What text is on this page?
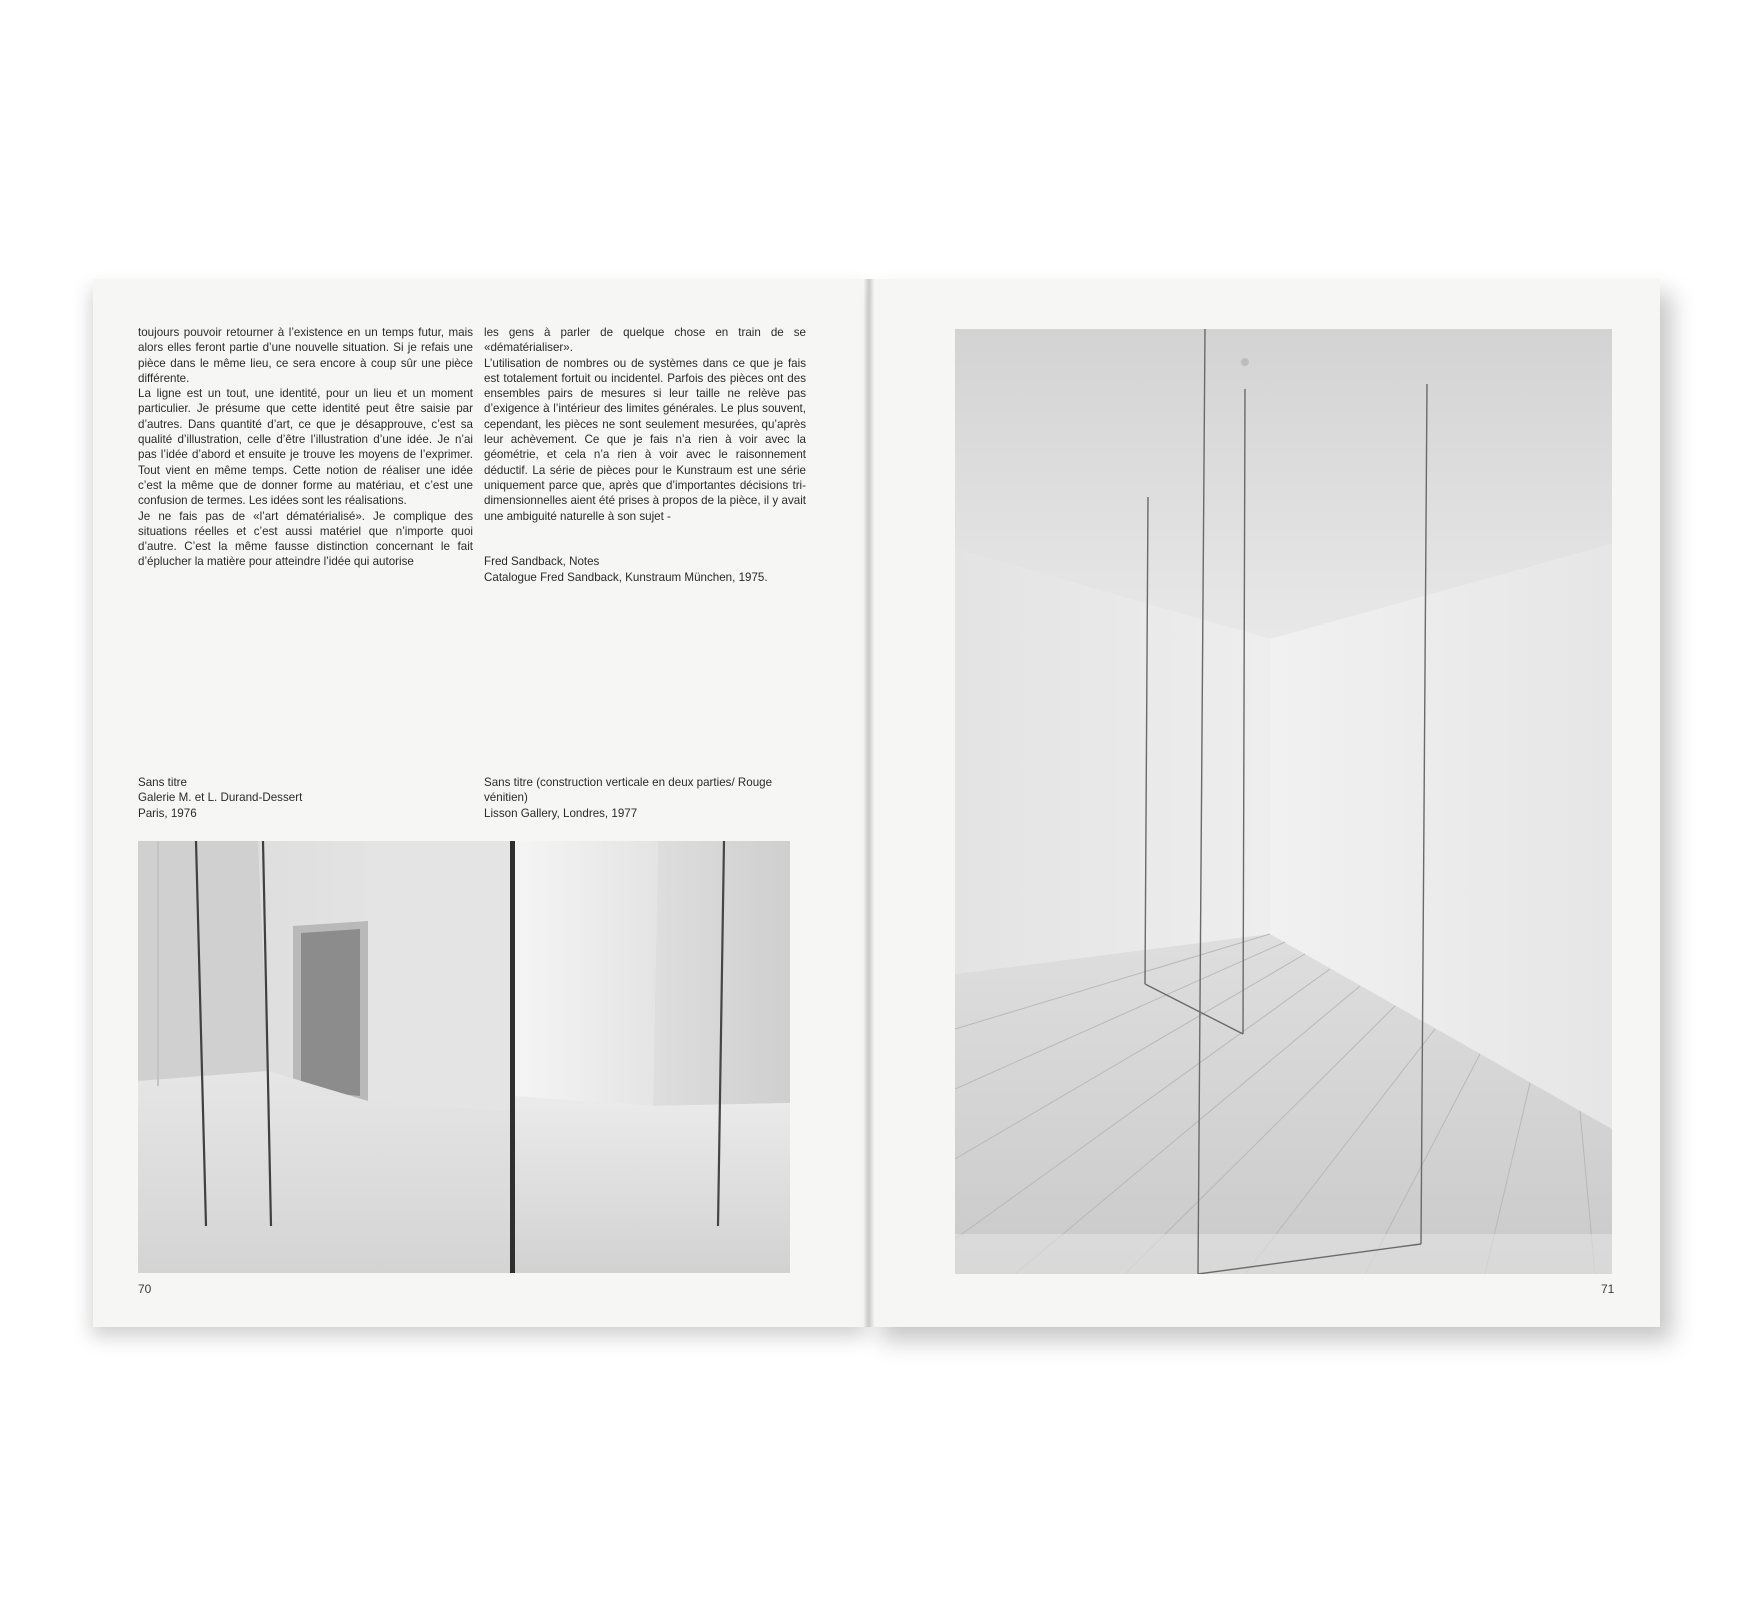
toujours pouvoir retourner à l’existence en un temps futur, mais alors elles feront partie d’une nouvelle situation. Si je refais une pièce dans le même lieu, ce sera encore à coup sûr une pièce différente.

La ligne est un tout, une identité, pour un lieu et un moment particulier. Je présume que cette identité peut être saisie par d’autres. Dans quantité d’art, ce que je désapprouve, c’est sa qualité d’illustration, celle d’être l’illustration d’une idée. Je n’ai pas l’idée d’abord et ensuite je trouve les moyens de l’exprimer. Tout vient en même temps. Cette notion de réaliser une idée c’est la même que de donner forme au matériau, et c’est une confusion de termes. Les idées sont les réalisations.

Je ne fais pas de «l’art dématérialisé». Je complique des situations réelles et c’est aussi matériel que n’importe quoi d’autre. C’est la même fausse distinction concernant le fait d’éplucher la matière pour atteindre l’idée qui autorise

les gens à parler de quelque chose en train de se «dématérialiser».

L’utilisation de nombres ou de systèmes dans ce que je fais est totalement fortuit ou incidentel. Parfois des pièces ont des ensembles pairs de mesures si leur taille ne relève pas d’exigence à l’intérieur des limites générales. Le plus souvent, cependant, les pièces ne sont seulement mesurées, qu’après leur achèvement. Ce que je fais n’a rien à voir avec la géométrie, et cela n’a rien à voir avec le raisonnement déductif. La série de pièces pour le Kunstraum est une série uniquement parce que, après que d’importantes décisions tri-dimensionnelles aient été prises à propos de la pièce, il y avait une ambiguité naturelle à son sujet -

Fred Sandback, Notes

Catalogue Fred Sandback, Kunstraum München, 1975.

Sans titre
Galerie M. et L. Durand-Dessert
Paris, 1976
Sans titre (construction verticale en deux parties/ Rouge vénitien)
Lisson Gallery, Londres, 1977
70	71
